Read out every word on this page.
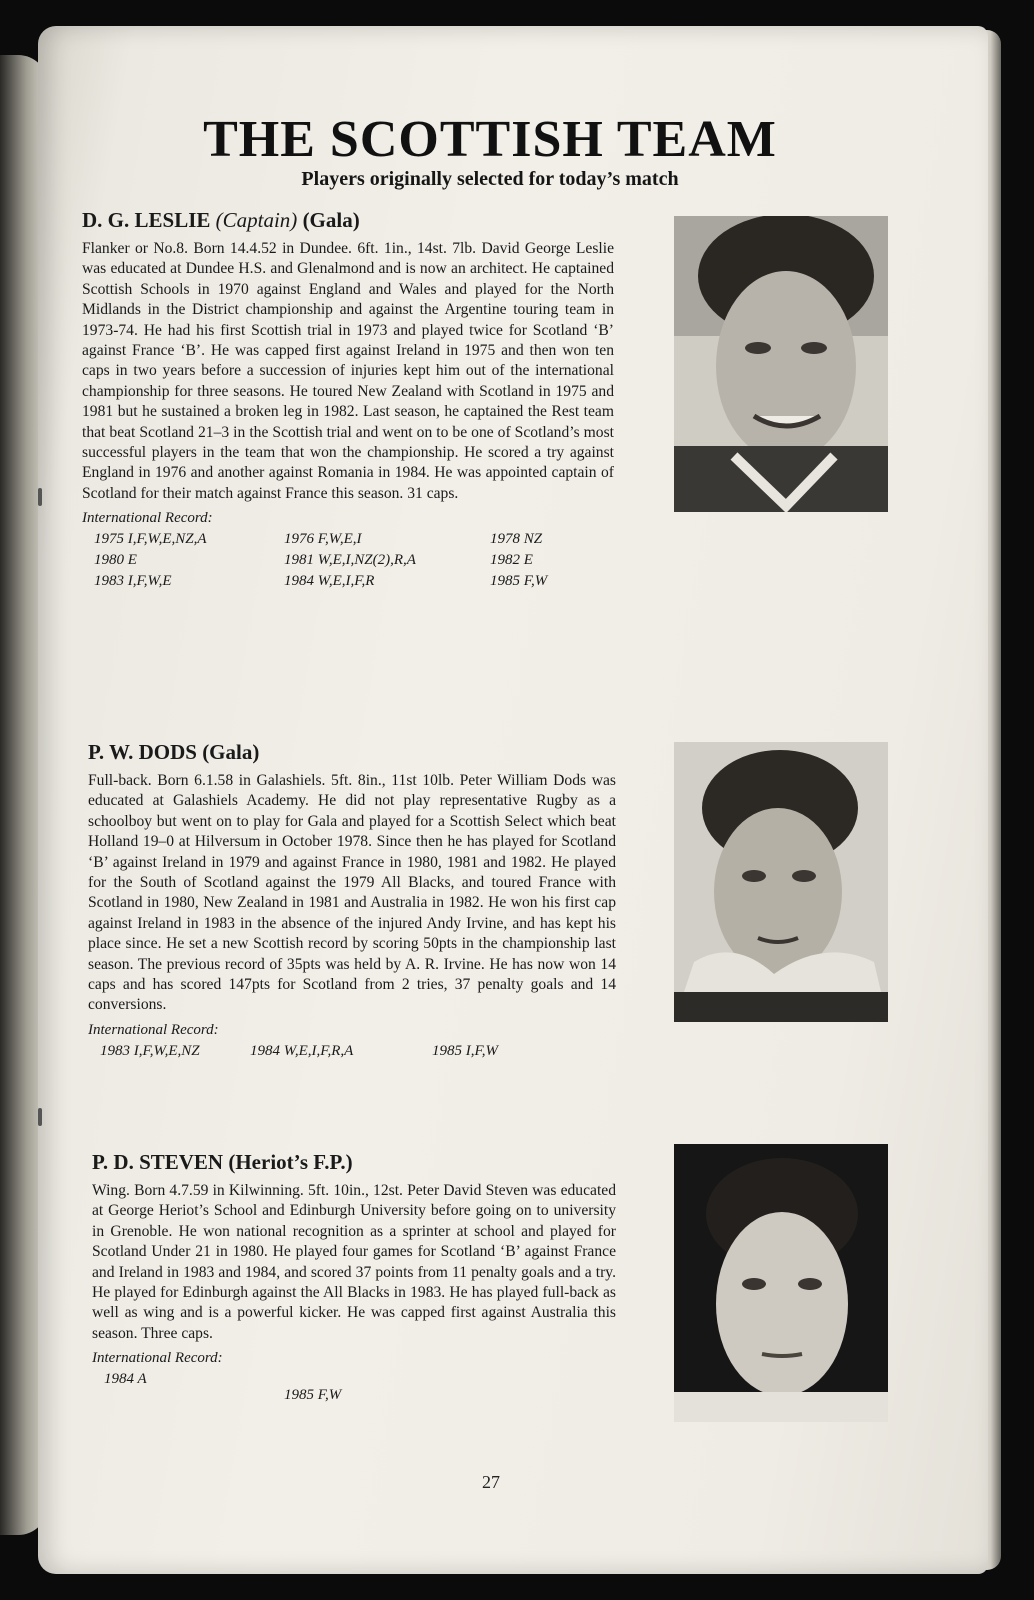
THE SCOTTISH TEAM
Players originally selected for today’s match

D. G. LESLIE (Captain) (Gala)

Flanker or No.8. Born 14.4.52 in Dundee. 6ft. 1in., 14st. 7lb. David George Leslie was educated at Dundee H.S. and Glenalmond and is now an architect. He captained Scottish Schools in 1970 against England and Wales and played for the North Midlands in the District championship and against the Argentine touring team in 1973-74. He had his first Scottish trial in 1973 and played twice for Scotland ‘B’ against France ‘B’. He was capped first against Ireland in 1975 and then won ten caps in two years before a succession of injuries kept him out of the international championship for three seasons. He toured New Zealand with Scotland in 1975 and 1981 but he sustained a broken leg in 1982. Last season, he captained the Rest team that beat Scotland 21–3 in the Scottish trial and went on to be one of Scotland’s most successful players in the team that won the championship. He scored a try against England in 1976 and another against Romania in 1984. He was appointed captain of Scotland for their match against France this season. 31 caps.

International Record:

1975 I,F,W,E,NZ,A	1976 F,W,E,I	1978 NZ
1980 E	1981 W,E,I,NZ(2),R,A	1982 E
1983 I,F,W,E	1984 W,E,I,F,R	1985 F,W

P. W. DODS (Gala)

Full-back. Born 6.1.58 in Galashiels. 5ft. 8in., 11st 10lb. Peter William Dods was educated at Galashiels Academy. He did not play representative Rugby as a schoolboy but went on to play for Gala and played for a Scottish Select which beat Holland 19–0 at Hilversum in October 1978. Since then he has played for Scotland ‘B’ against Ireland in 1979 and against France in 1980, 1981 and 1982. He played for the South of Scotland against the 1979 All Blacks, and toured France with Scotland in 1980, New Zealand in 1981 and Australia in 1982. He won his first cap against Ireland in 1983 in the absence of the injured Andy Irvine, and has kept his place since. He set a new Scottish record by scoring 50pts in the championship last season. The previous record of 35pts was held by A. R. Irvine. He has now won 14 caps and has scored 147pts for Scotland from 2 tries, 37 penalty goals and 14 conversions.

International Record:

1983 I,F,W,E,NZ	1984 W,E,I,F,R,A	1985 I,F,W

P. D. STEVEN (Heriot’s F.P.)

Wing. Born 4.7.59 in Kilwinning. 5ft. 10in., 12st. Peter David Steven was educated at George Heriot’s School and Edinburgh University before going on to university in Grenoble. He won national recognition as a sprinter at school and played for Scotland Under 21 in 1980. He played four games for Scotland ‘B’ against France and Ireland in 1983 and 1984, and scored 37 points from 11 penalty goals and a try. He played for Edinburgh against the All Blacks in 1983. He has played full-back as well as wing and is a powerful kicker. He was capped first against Australia this season. Three caps.

International Record:

1984 A
1985 F,W
27
